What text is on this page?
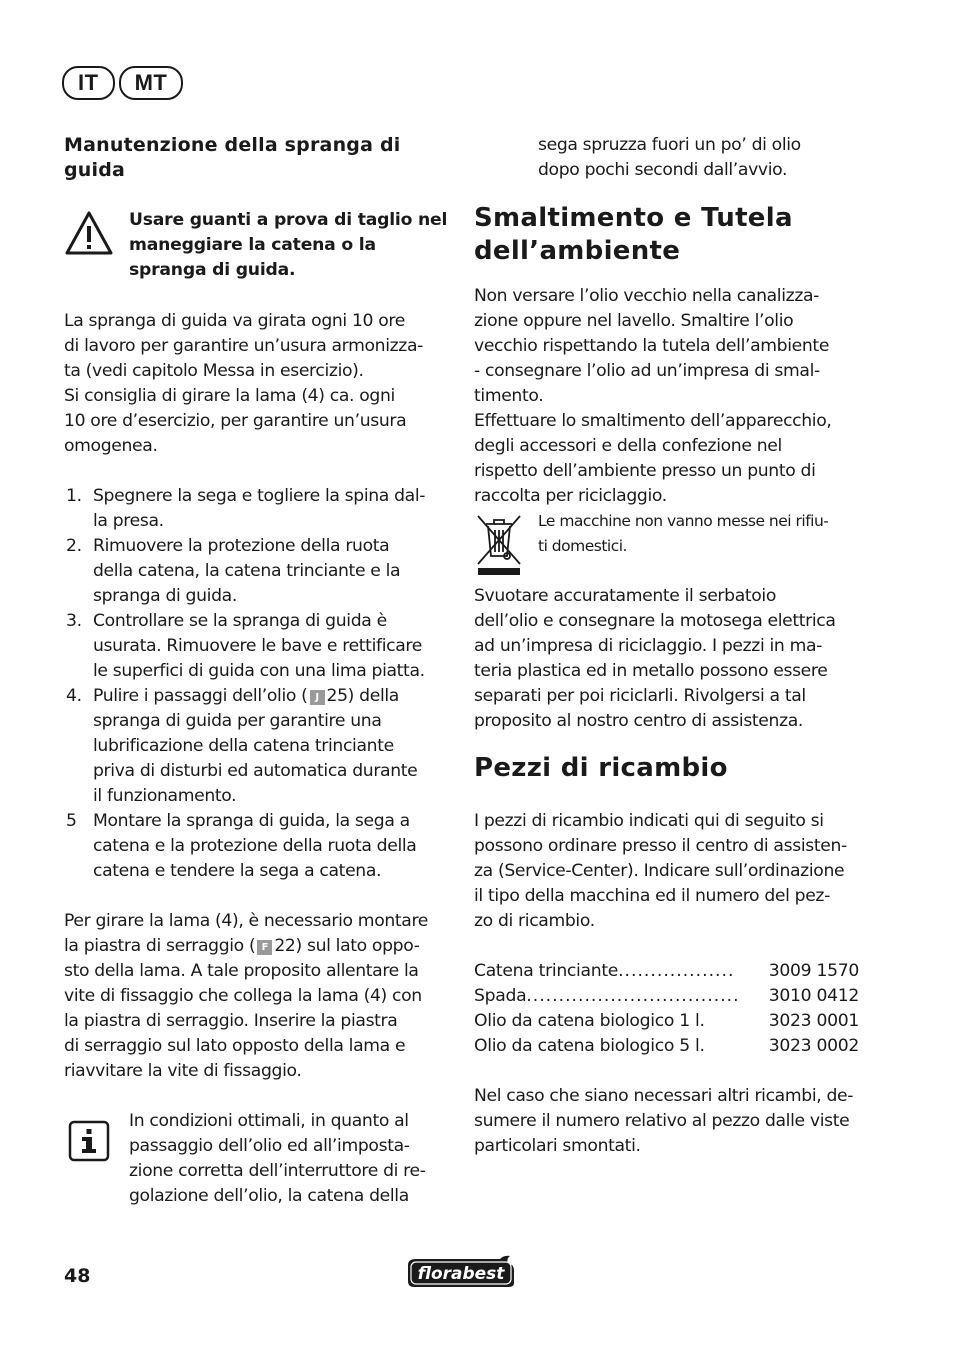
IT	MT
Manutenzione della spranga di guida

Usare guanti a prova di taglio nel maneggiare la catena o la spranga di guida.

La spranga di guida va girata ogni 10 ore

di lavoro per garantire un’usura armonizza-

ta (vedi capitolo Messa in esercizio).

Si consiglia di girare la lama (4) ca. ogni

10 ore d’esercizio, per garantire un’usura

omogenea.

1. Spegnere la sega e togliere la spina dal-
la presa.
2. Rimuovere la protezione della ruota
della catena, la catena trinciante e la
spranga di guida.
3. Controllare se la spranga di guida è
usurata. Rimuovere le bave e rettificare
le superfici di guida con una lima piatta.
4. Pulire i passaggi dell’olio ( J 25) della
spranga di guida per garantire una
lubrificazione della catena trinciante
priva di disturbi ed automatica durante
il funzionamento.
5 Montare la spranga di guida, la sega a
catena e la protezione della ruota della
catena e tendere la sega a catena.

Per girare la lama (4), è necessario montare

la piastra di serraggio ( F 22) sul lato oppo-

sto della lama. A tale proposito allentare la

vite di fissaggio che collega la lama (4) con

la piastra di serraggio. Inserire la piastra

di serraggio sul lato opposto della lama e

riavvitare la vite di fissaggio.

In condizioni ottimali, in quanto al

passaggio dell’olio ed all’imposta-

zione corretta dell’interruttore di re-

golazione dell’olio, la catena della

sega spruzza fuori un po’ di olio

dopo pochi secondi dall’avvio.

Smaltimento e Tutela
dell’ambiente

Non versare l’olio vecchio nella canalizza-

zione oppure nel lavello. Smaltire l’olio

vecchio rispettando la tutela dell’ambiente

- consegnare l’olio ad un’impresa di smal-

timento.

Effettuare lo smaltimento dell’apparecchio,

degli accessori e della confezione nel

rispetto dell’ambiente presso un punto di

raccolta per riciclaggio.

Le macchine non vanno messe nei rifiu-

ti domestici.

Svuotare accuratamente il serbatoio

dell’olio e consegnare la motosega elettrica

ad un’impresa di riciclaggio. I pezzi in ma-

teria plastica ed in metallo possono essere

separati per poi riciclarli. Rivolgersi a tal

proposito al nostro centro di assistenza.

Pezzi di ricambio

I pezzi di ricambio indicati qui di seguito si

possono ordinare presso il centro di assisten-

za (Service-Center). Indicare sull’ordinazione

il tipo della macchina ed il numero del pez-

zo di ricambio.

Catena trinciante ..................	3009 1570
Spada .................................	3010 0412
Olio da catena biologico 1 l .	3023 0001
Olio da catena biologico 5 l .	3023 0002

Nel caso che siano necessari altri ricambi, de-

sumere il numero relativo al pezzo dalle viste

particolari smontati.

48	florabest
